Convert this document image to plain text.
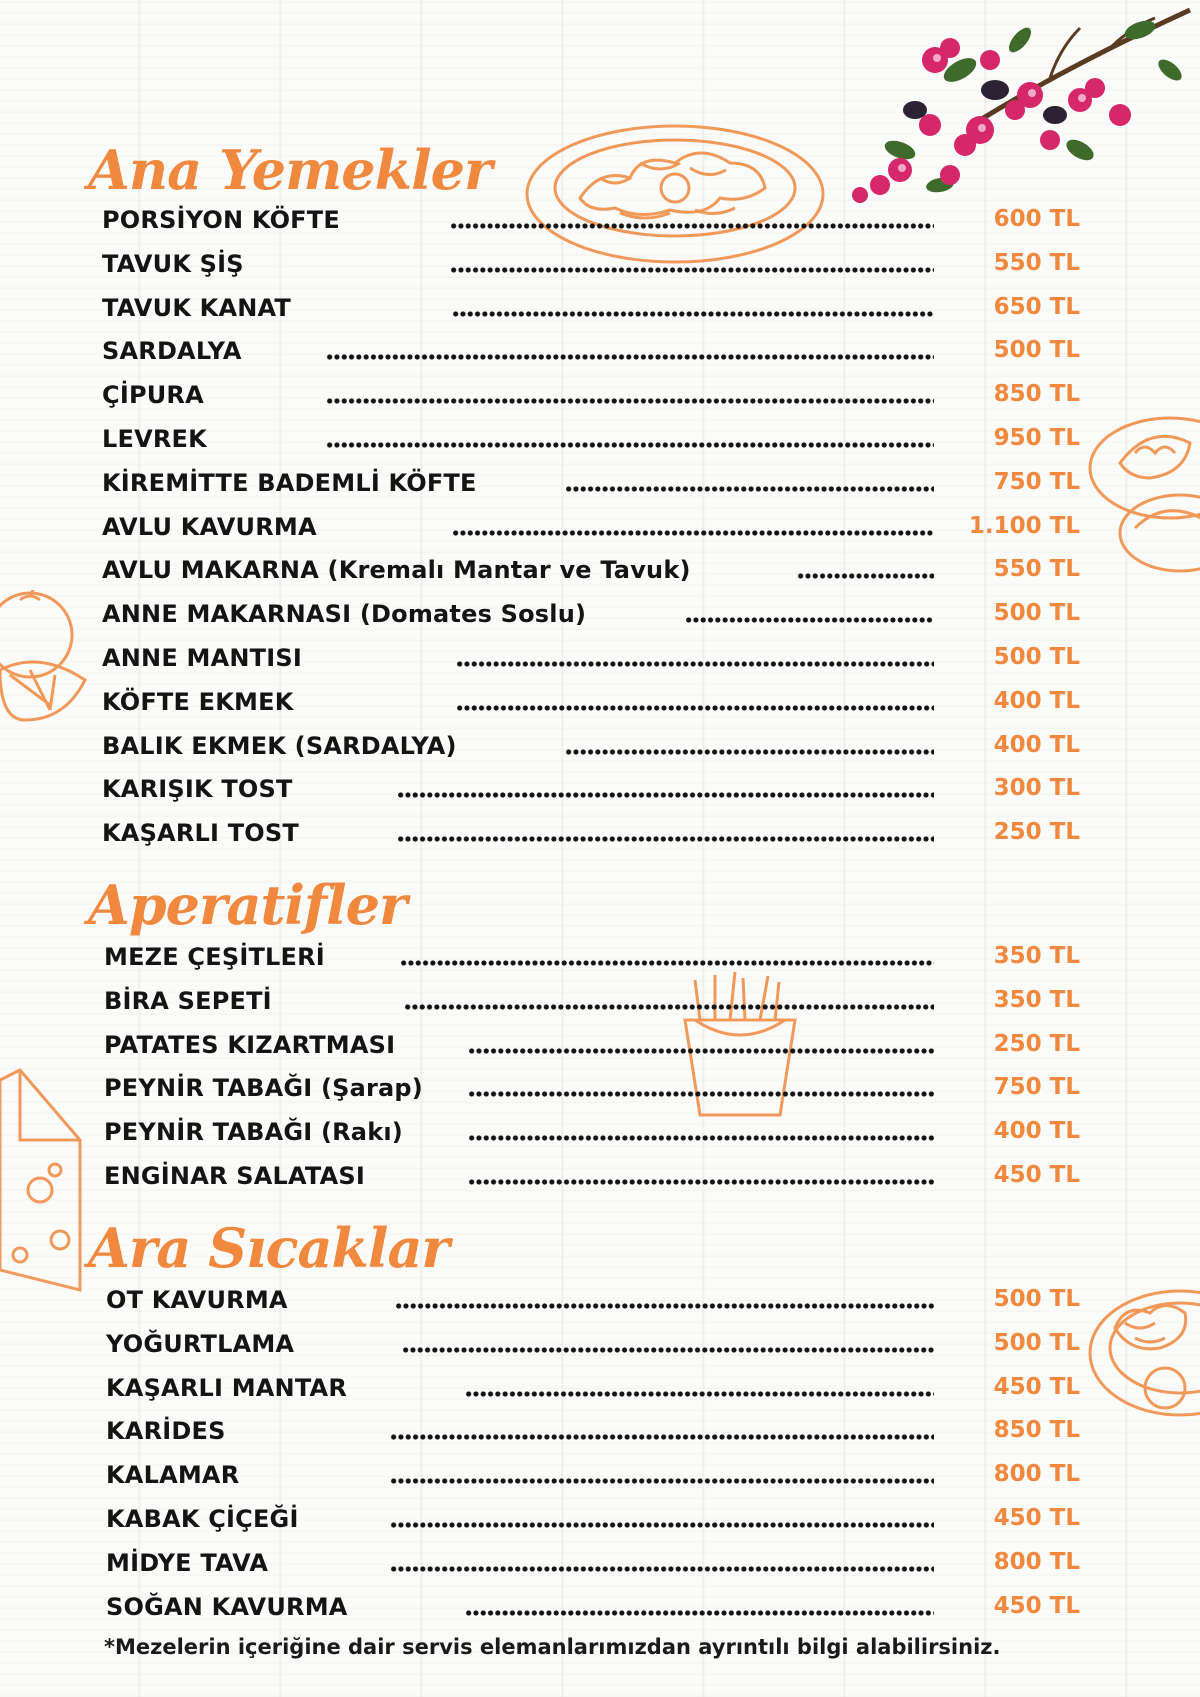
Ana Yemekler
Aperatifler
Ara Sıcaklar
PORSİYON KÖFTE	600 TL
TAVUK ŞİŞ	550 TL
TAVUK KANAT	650 TL
SARDALYA	500 TL
ÇİPURA	850 TL
LEVREK	950 TL
KİREMİTTE BADEMLİ KÖFTE	750 TL
AVLU KAVURMA	1.100 TL
AVLU MAKARNA (Kremalı Mantar ve Tavuk)	550 TL
ANNE MAKARNASI (Domates Soslu)	500 TL
ANNE MANTISI	500 TL
KÖFTE EKMEK	400 TL
BALIK EKMEK (SARDALYA)	400 TL
KARIŞIK TOST	300 TL
KAŞARLI TOST	250 TL
MEZE ÇEŞİTLERİ	350 TL
BİRA SEPETİ	350 TL
PATATES KIZARTMASI	250 TL
PEYNİR TABAĞI (Şarap)	750 TL
PEYNİR TABAĞI (Rakı)	400 TL
ENGİNAR SALATASI	450 TL
OT KAVURMA	500 TL
YOĞURTLAMA	500 TL
KAŞARLI MANTAR	450 TL
KARİDES	850 TL
KALAMAR	800 TL
KABAK ÇİÇEĞİ	450 TL
MİDYE TAVA	800 TL
SOĞAN KAVURMA	450 TL

*Mezelerin içeriğine dair servis elemanlarımızdan ayrıntılı bilgi alabilirsiniz.
